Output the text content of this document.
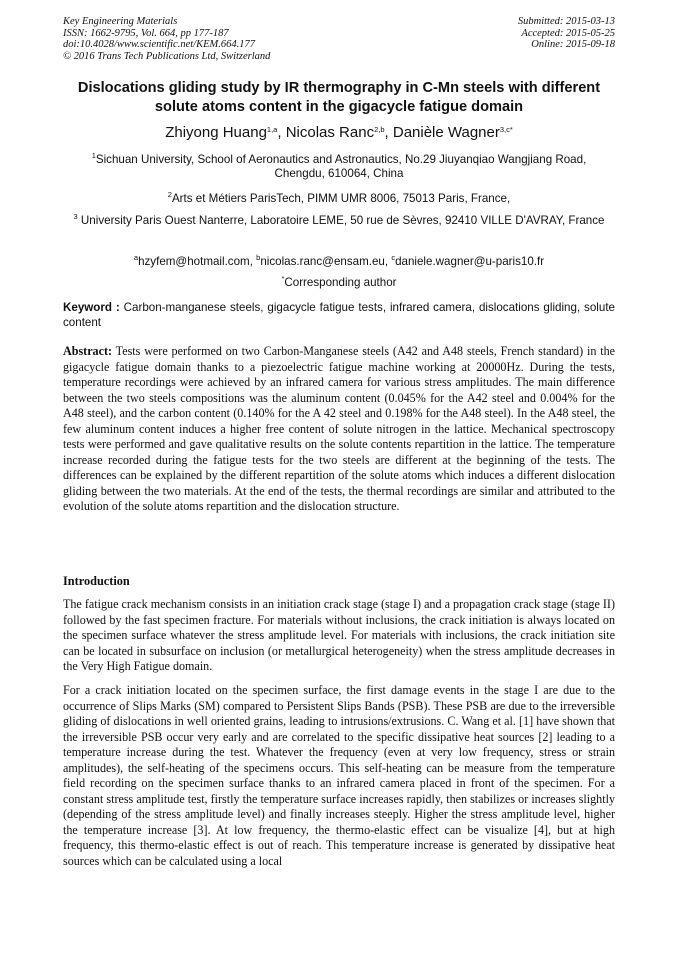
Key Engineering Materials
ISSN: 1662-9795, Vol. 664, pp 177-187
doi:10.4028/www.scientific.net/KEM.664.177
© 2016 Trans Tech Publications Ltd, Switzerland
Submitted: 2015-03-13
Accepted: 2015-05-25
Online: 2015-09-18
Dislocations gliding study by IR thermography in C-Mn steels with different solute atoms content in the gigacycle fatigue domain
Zhiyong Huang$^{1,a}$, Nicolas Ranc$^{2,b}$, Danièle Wagner$^{3,c*}$
$^1$Sichuan University, School of Aeronautics and Astronautics, No.29 Jiuyanqiao Wangjiang Road, Chengdu, 610064, China
$^2$Arts et Métiers ParisTech, PIMM UMR 8006, 75013 Paris, France,
$^3$ University Paris Ouest Nanterre, Laboratoire LEME, 50 rue de Sèvres, 92410 VILLE D'AVRAY, France
$^a$hzyfem@hotmail.com, $^b$nicolas.ranc@ensam.eu, $^c$daniele.wagner@u-paris10.fr
*Corresponding author
Keyword : Carbon-manganese steels, gigacycle fatigue tests, infrared camera, dislocations gliding, solute content
Abstract: Tests were performed on two Carbon-Manganese steels (A42 and A48 steels, French standard) in the gigacycle fatigue domain thanks to a piezoelectric fatigue machine working at 20000Hz. During the tests, temperature recordings were achieved by an infrared camera for various stress amplitudes. The main difference between the two steels compositions was the aluminum content (0.045% for the A42 steel and 0.004% for the A48 steel), and the carbon content (0.140% for the A 42 steel and 0.198% for the A48 steel). In the A48 steel, the few aluminum content induces a higher free content of solute nitrogen in the lattice. Mechanical spectroscopy tests were performed and gave qualitative results on the solute contents repartition in the lattice. The temperature increase recorded during the fatigue tests for the two steels are different at the beginning of the tests. The differences can be explained by the different repartition of the solute atoms which induces a different dislocation gliding between the two materials. At the end of the tests, the thermal recordings are similar and attributed to the evolution of the solute atoms repartition and the dislocation structure.
Introduction

The fatigue crack mechanism consists in an initiation crack stage (stage I) and a propagation crack stage (stage II) followed by the fast specimen fracture. For materials without inclusions, the crack initiation is always located on the specimen surface whatever the stress amplitude level. For materials with inclusions, the crack initiation site can be located in subsurface on inclusion (or metallurgical heterogeneity) when the stress amplitude decreases in the Very High Fatigue domain.

For a crack initiation located on the specimen surface, the first damage events in the stage I are due to the occurrence of Slips Marks (SM) compared to Persistent Slips Bands (PSB). These PSB are due to the irreversible gliding of dislocations in well oriented grains, leading to intrusions/extrusions. C. Wang et al. [1] have shown that the irreversible PSB occur very early and are correlated to the specific dissipative heat sources [2] leading to a temperature increase during the test. Whatever the frequency (even at very low frequency, stress or strain amplitudes), the self-heating of the specimens occurs. This self-heating can be measure from the temperature field recording on the specimen surface thanks to an infrared camera placed in front of the specimen. For a constant stress amplitude test, firstly the temperature surface increases rapidly, then stabilizes or increases slightly (depending of the stress amplitude level) and finally increases steeply. Higher the stress amplitude level, higher the temperature increase [3]. At low frequency, the thermo-elastic effect can be visualize [4], but at high frequency, this thermo-elastic effect is out of reach. This temperature increase is generated by dissipative heat sources which can be calculated using a local
